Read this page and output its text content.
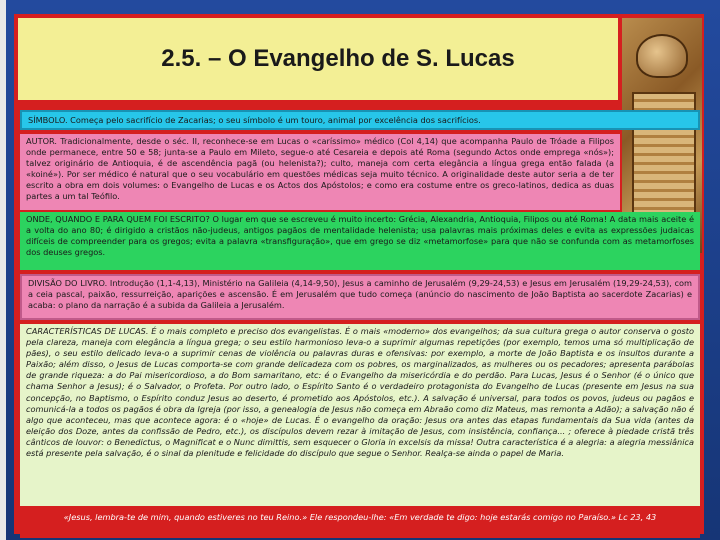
2.5. – O Evangelho de S. Lucas
SÍMBOLO. Começa pelo sacrifício de Zacarias; o seu símbolo é um touro, animal por excelência dos sacrifícios.
AUTOR. Tradicionalmente, desde o séc. II, reconhece-se em Lucas o «caríssimo» médico (Col 4,14) que acompanha Paulo de Tróade a Filipos onde permanece, entre 50 e 58; junta-se a Paulo em Mileto, segue-o até Cesareia e depois até Roma (segundo Actos onde emprega «nós»); talvez originário de Antioquia, é de ascendência pagã (ou helenista?); culto, maneja com certa elegância a língua grega então falada (a «koiné»). Por ser médico é natural que o seu vocabulário em questões médicas seja muito técnico. A originalidade deste autor seria a de ter escrito a obra em dois volumes: o Evangelho de Lucas e os Actos dos Apóstolos; e como era costume entre os greco-latinos, dedica as duas partes a um tal Teófilo.
ONDE, QUANDO E PARA QUEM FOI ESCRITO? O lugar em que se escreveu é muito incerto: Grécia, Alexandria, Antioquia, Filipos ou até Roma! A data mais aceite é a volta do ano 80; é dirigido a cristãos não-judeus, antigos pagãos de mentalidade helenista; usa palavras mais próximas deles e evita as expressões judaicas difíceis de compreender para os gregos; evita a palavra «transfiguração», que em grego se diz «metamorfose» para que não se confunda com as metamorfoses dos deuses gregos.
DIVISÃO DO LIVRO. Introdução (1,1-4,13), Ministério na Galileia (4,14-9,50), Jesus a caminho de Jerusalém (9,29-24,53) e Jesus em Jerusalém (19,29-24,53), com a ceia pascal, paixão, ressurreição, aparições e ascensão. É em Jerusalém que tudo começa (anúncio do nascimento de João Baptista ao sacerdote Zacarias) e acaba: o plano da narração é a subida da Galileia a Jerusalém.
CARACTERÍSTICAS DE LUCAS. É o mais completo e preciso dos evangelistas. É o mais «moderno» dos evangelhos; da sua cultura grega o autor conserva o gosto pela clareza, maneja com elegância a língua grega; o seu estilo harmonioso leva-o a suprimir algumas repetições (por exemplo, temos uma só multiplicação de pães), o seu estilo delicado leva-o a suprimir cenas de violência ou palavras duras e ofensivas: por exemplo, a morte de João Baptista e os insultos durante a Paixão; além disso, o Jesus de Lucas comporta-se com grande delicadeza com os pobres, os marginalizados, as mulheres ou os pecadores; apresenta parábolas de grande riqueza: a do Pai misericordioso, a do Bom samaritano, etc: é o Evangelho da misericórdia e do perdão. Para Lucas, Jesus é o Senhor (é o único que chama Senhor a Jesus); é o Salvador, o Profeta. Por outro lado, o Espírito Santo é o verdadeiro protagonista do Evangelho de Lucas (presente em Jesus na sua concepção, no Baptismo, o Espírito conduz Jesus ao deserto, é prometido aos Apóstolos, etc.). A salvação é universal, para todos os povos, judeus ou pagãos e comunicá-la a todos os pagãos é obra da Igreja (por isso, a genealogia de Jesus não começa em Abraão como diz Mateus, mas remonta a Adão); a salvação não é algo que aconteceu, mas que acontece agora: é o «hoje» de Lucas. É o evangelho da oração: Jesus ora antes das etapas fundamentais da Sua vida (antes da eleição dos Doze, antes da confissão de Pedro, etc.), os discípulos devem rezar à imitação de Jesus, com insistência, confiança... ; oferece à piedade cristã três cânticos de louvor: o Benedictus, o Magnificat e o Nunc dimittis, sem esquecer o Gloria in excelsis da missa! Outra característica é a alegria: a alegria messiânica está presente pela salvação, é o sinal da plenitude e felicidade do discípulo que segue o Senhor. Realça-se ainda o papel de Maria.
«Jesus, lembra-te de mim, quando estiveres no teu Reino.» Ele respondeu-lhe: «Em verdade te digo: hoje estarás comigo no Paraíso.» Lc 23, 43
